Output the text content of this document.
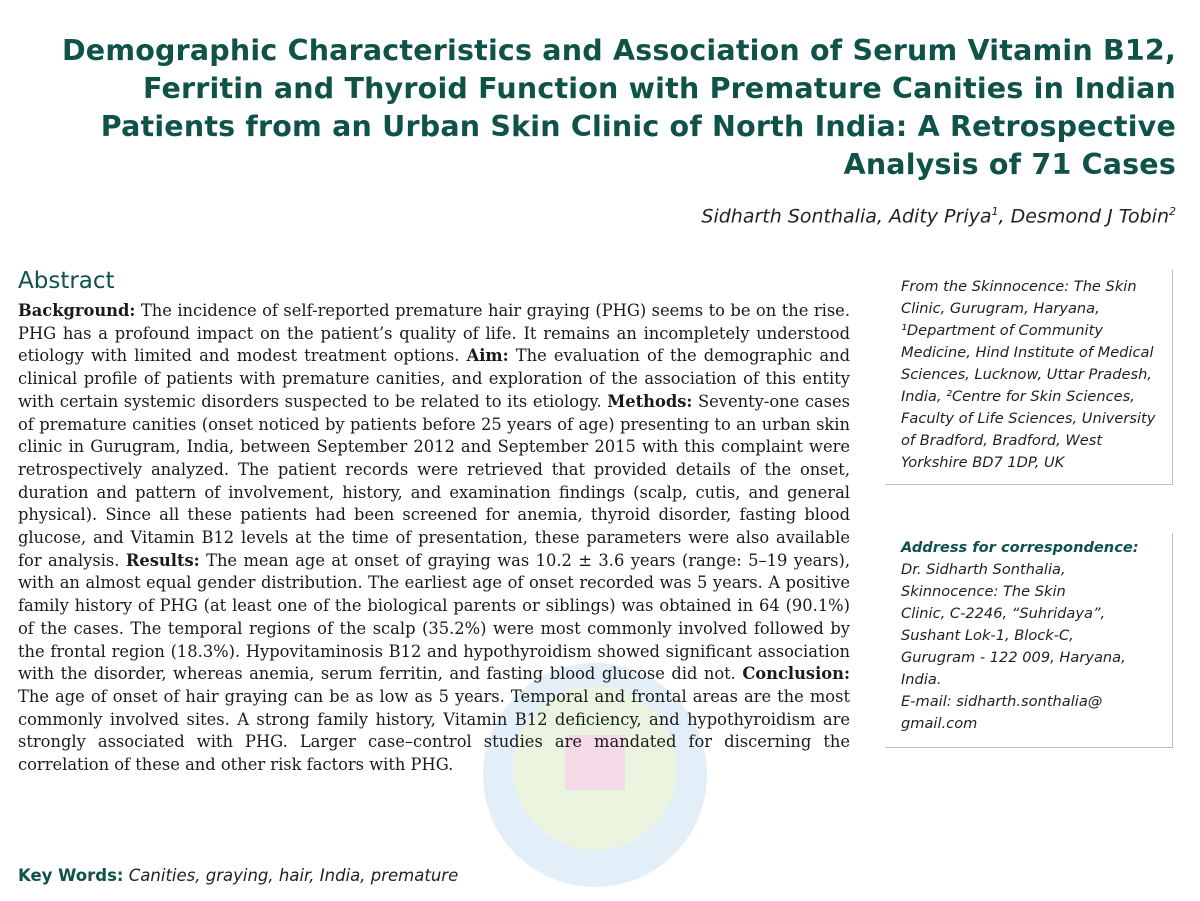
Demographic Characteristics and Association of Serum Vitamin B12, Ferritin and Thyroid Function with Premature Canities in Indian Patients from an Urban Skin Clinic of North India: A Retrospective Analysis of 71 Cases
Sidharth Sonthalia, Adity Priya$^1$, Desmond J Tobin$^2$
Abstract

Background: The incidence of self-reported premature hair graying (PHG) seems to be on the rise. PHG has a profound impact on the patient’s quality of life. It remains an incompletely understood etiology with limited and modest treatment options. Aim: The evaluation of the demographic and clinical profile of patients with premature canities, and exploration of the association of this entity with certain systemic disorders suspected to be related to its etiology. Methods: Seventy-one cases of premature canities (onset noticed by patients before 25 years of age) presenting to an urban skin clinic in Gurugram, India, between September 2012 and September 2015 with this complaint were retrospectively analyzed. The patient records were retrieved that provided details of the onset, duration and pattern of involvement, history, and examination findings (scalp, cutis, and general physical). Since all these patients had been screened for anemia, thyroid disorder, fasting blood glucose, and Vitamin B12 levels at the time of presentation, these parameters were also available for analysis. Results: The mean age at onset of graying was 10.2 ± 3.6 years (range: 5–19 years), with an almost equal gender distribution. The earliest age of onset recorded was 5 years. A positive family history of PHG (at least one of the biological parents or siblings) was obtained in 64 (90.1%) of the cases. The temporal regions of the scalp (35.2%) were most commonly involved followed by the frontal region (18.3%). Hypovitaminosis B12 and hypothyroidism showed significant association with the disorder, whereas anemia, serum ferritin, and fasting blood glucose did not. Conclusion: The age of onset of hair graying can be as low as 5 years. Temporal and frontal areas are the most commonly involved sites. A strong family history, Vitamin B12 deficiency, and hypothyroidism are strongly associated with PHG. Larger case–control studies are mandated for discerning the correlation of these and other risk factors with PHG.

Key Words: Canities, graying, hair, India, premature

From the Skinnocence: The Skin Clinic, Gurugram, Haryana, ¹Department of Community Medicine, Hind Institute of Medical Sciences, Lucknow, Uttar Pradesh, India, ²Centre for Skin Sciences, Faculty of Life Sciences, University of Bradford, Bradford, West Yorkshire BD7 1DP, UK

Address for correspondence:

Dr. Sidharth Sonthalia,
Skinnocence: The Skin
Clinic, C-2246, “Suhridaya”,
Sushant Lok-1, Block-C,
Gurugram - 122 009, Haryana,
India.
E-mail: sidharth.sonthalia@
gmail.com
